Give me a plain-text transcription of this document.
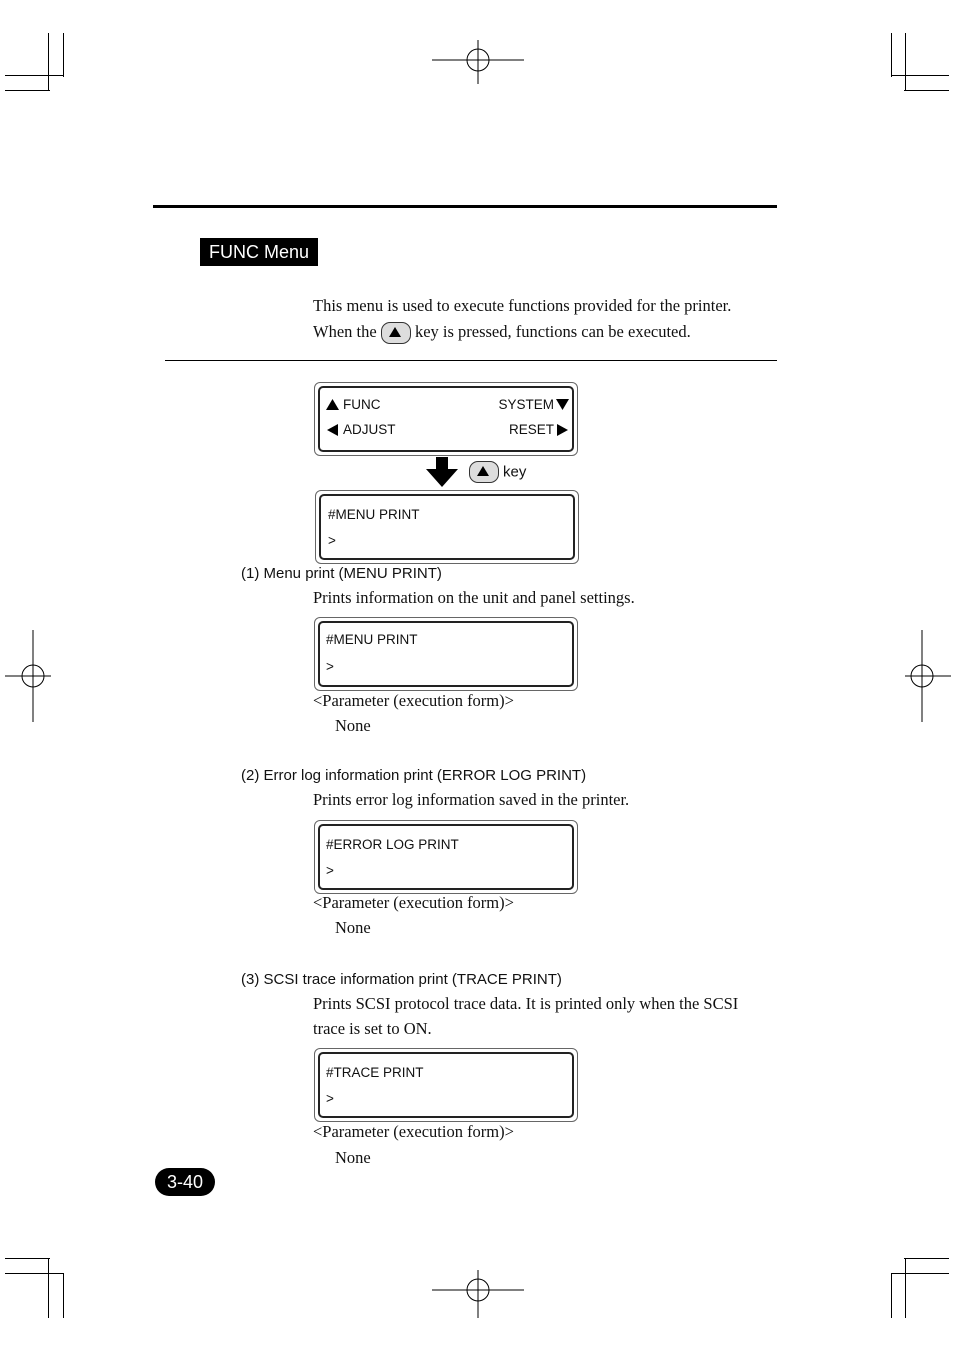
FUNC Menu
This menu is used to execute functions provided for the printer.
When the key is pressed, functions can be executed.
FUNC	SYSTEM
ADJUST	RESET
key
#MENU PRINT
>
(1) Menu print (MENU PRINT)
Prints information on the unit and panel settings.
#MENU PRINT
>
<Parameter (execution form)>
None
(2) Error log information print (ERROR LOG PRINT)
Prints error log information saved in the printer.
#ERROR LOG PRINT
>
<Parameter (execution form)>
None
(3) SCSI trace information print (TRACE PRINT)
Prints SCSI protocol trace data. It is printed only when the SCSI
trace is set to ON.
#TRACE PRINT
>
<Parameter (execution form)>
None
3-40
